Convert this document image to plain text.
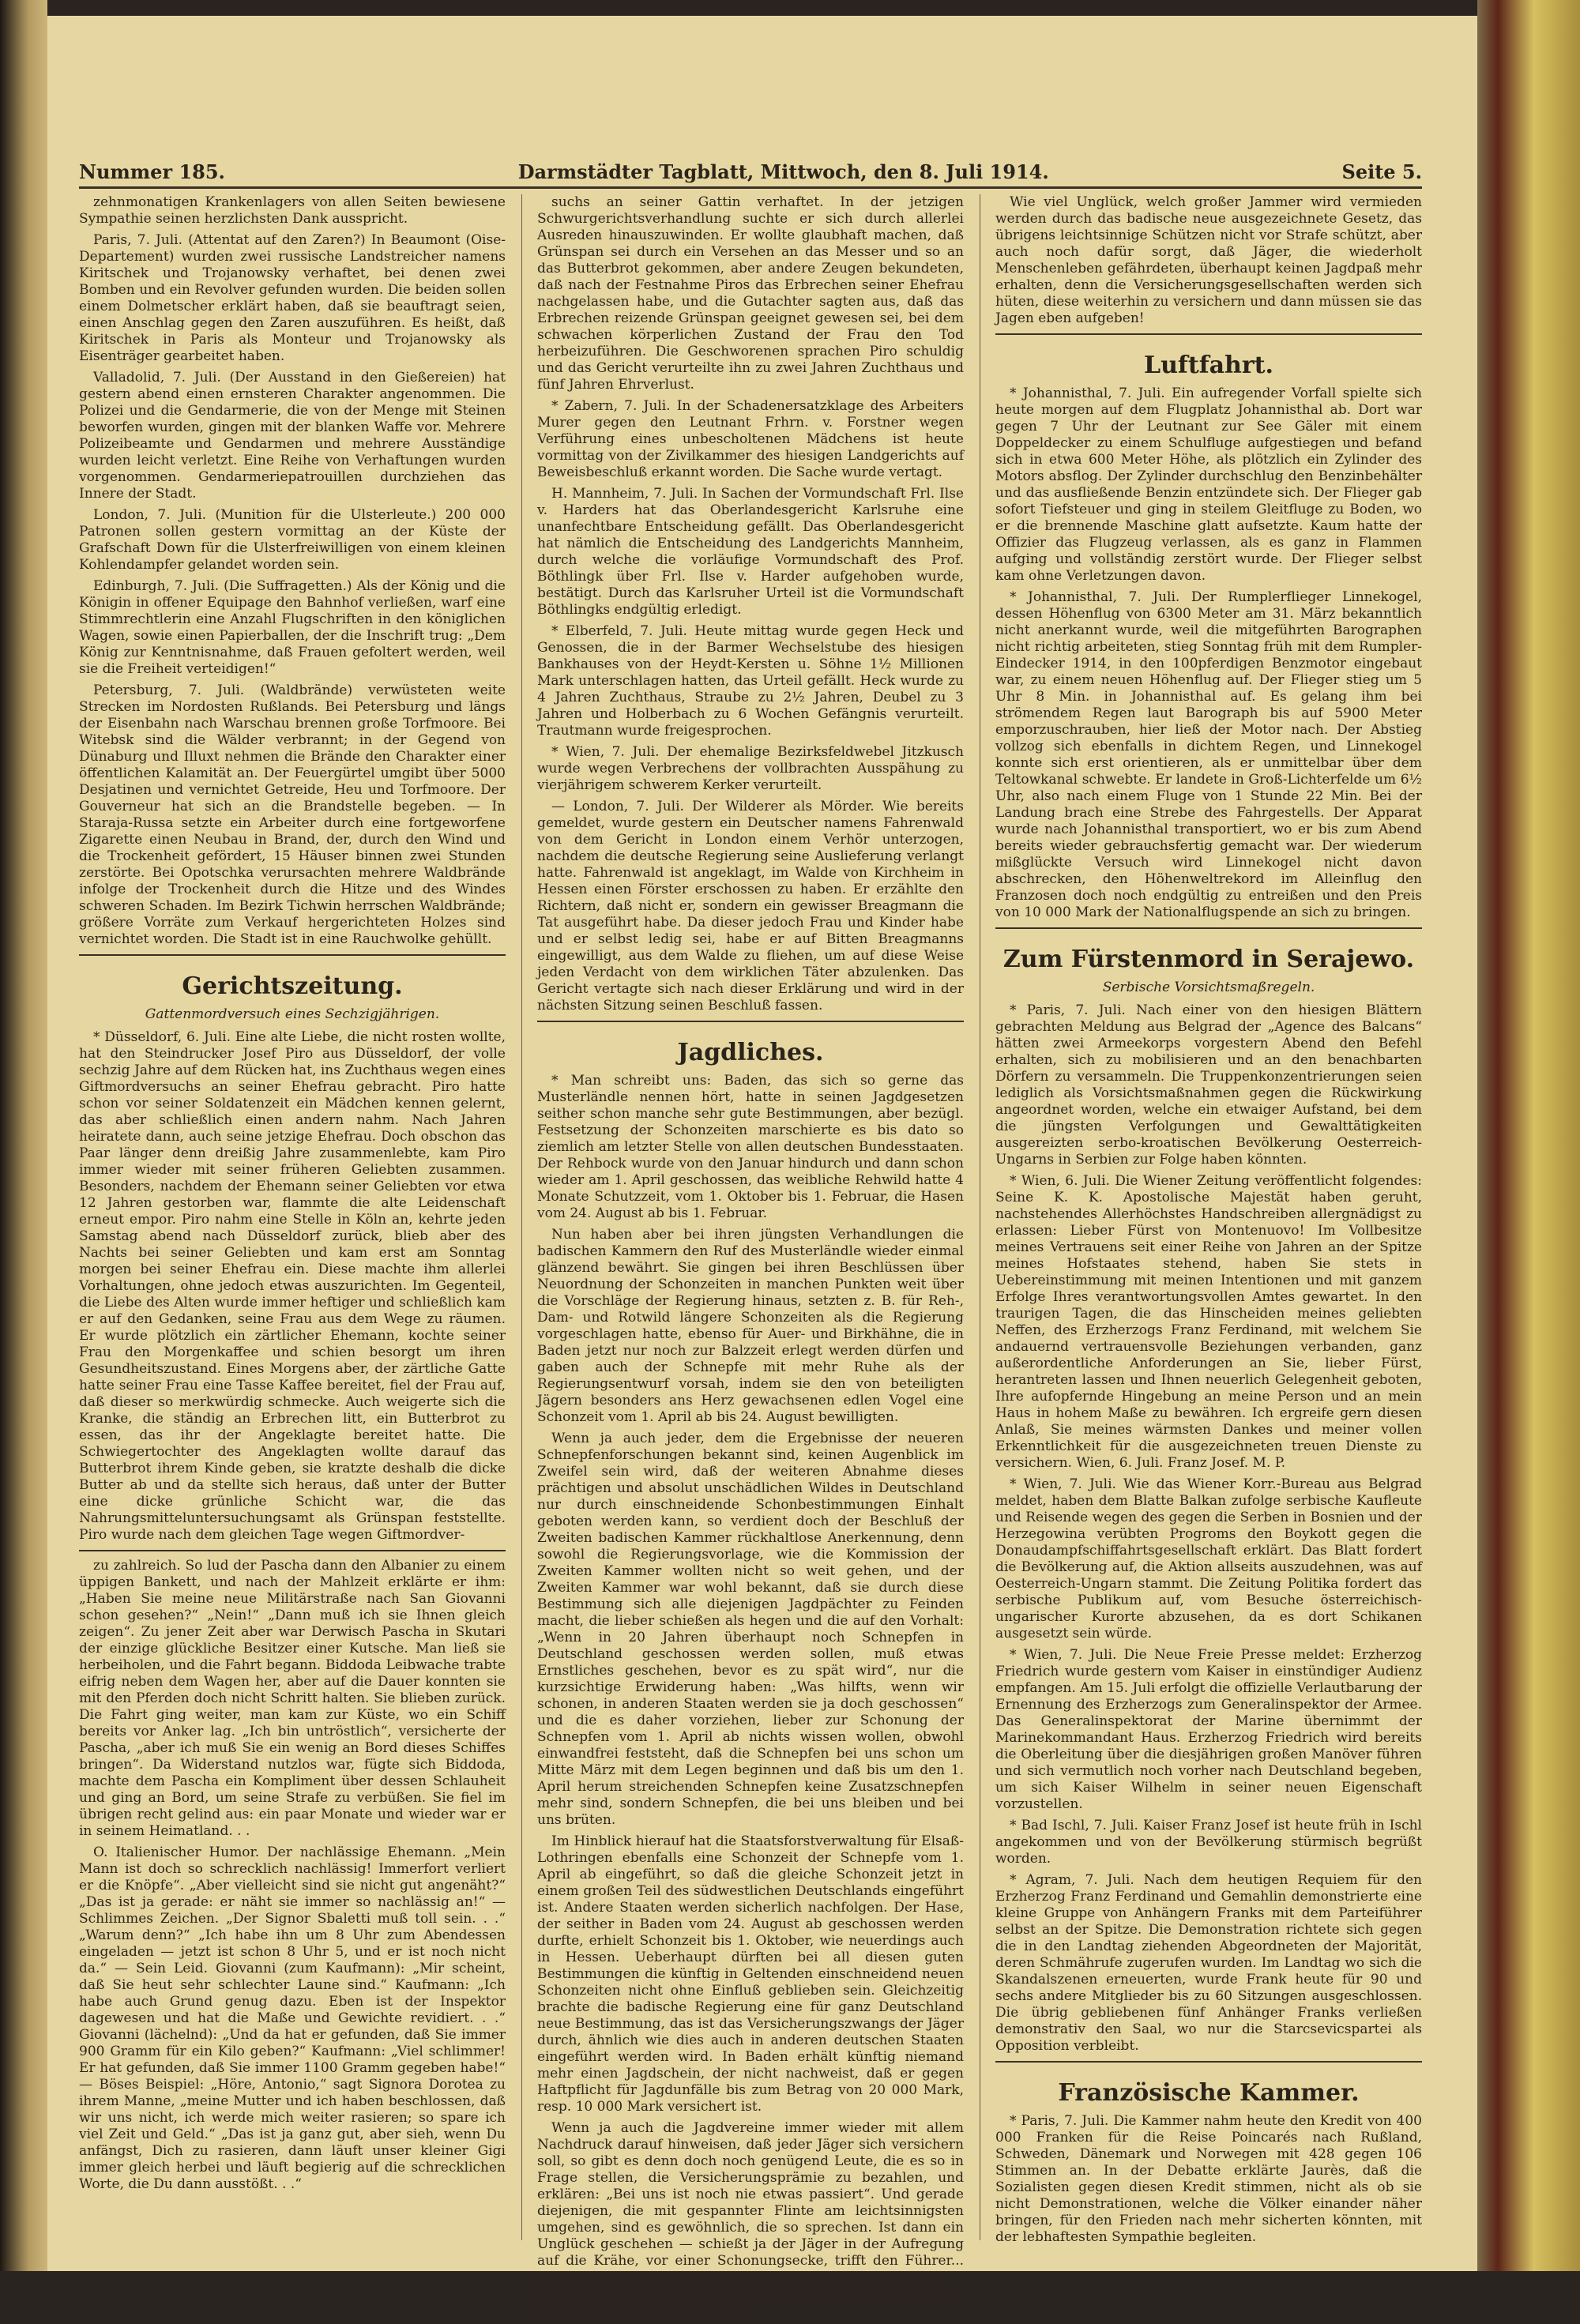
Nummer 185.	Darmstädter Tagblatt, Mittwoch, den 8. Juli 1914.	Seite 5.

zehnmonatigen Krankenlagers von allen Seiten bewiesene Sympathie seinen herzlichsten Dank ausspricht.

Paris, 7. Juli. (Attentat auf den Zaren?) In Beaumont (Oise-Departement) wurden zwei russische Landstreicher namens Kiritschek und Trojanowsky verhaftet, bei denen zwei Bomben und ein Revolver gefunden wurden. Die beiden sollen einem Dolmetscher erklärt haben, daß sie beauftragt seien, einen Anschlag gegen den Zaren auszuführen. Es heißt, daß Kiritschek in Paris als Monteur und Trojanowsky als Eisenträger gearbeitet haben.

Valladolid, 7. Juli. (Der Ausstand in den Gießereien) hat gestern abend einen ernsteren Charakter angenommen. Die Polizei und die Gendarmerie, die von der Menge mit Steinen beworfen wurden, gingen mit der blanken Waffe vor. Mehrere Polizeibeamte und Gendarmen und mehrere Ausständige wurden leicht verletzt. Eine Reihe von Verhaftungen wurden vorgenommen. Gendarmeriepatrouillen durchziehen das Innere der Stadt.

London, 7. Juli. (Munition für die Ulsterleute.) 200 000 Patronen sollen gestern vormittag an der Küste der Grafschaft Down für die Ulsterfreiwilligen von einem kleinen Kohlendampfer gelandet worden sein.

Edinburgh, 7. Juli. (Die Suffragetten.) Als der König und die Königin in offener Equipage den Bahnhof verließen, warf eine Stimmrechtlerin eine Anzahl Flugschriften in den königlichen Wagen, sowie einen Papierballen, der die Inschrift trug: „Dem König zur Kenntnisnahme, daß Frauen gefoltert werden, weil sie die Freiheit verteidigen!“

Petersburg, 7. Juli. (Waldbrände) verwüsteten weite Strecken im Nordosten Rußlands. Bei Petersburg und längs der Eisenbahn nach Warschau brennen große Torfmoore. Bei Witebsk sind die Wälder verbrannt; in der Gegend von Dünaburg und Illuxt nehmen die Brände den Charakter einer öffentlichen Kalamität an. Der Feuergürtel umgibt über 5000 Desjatinen und vernichtet Getreide, Heu und Torfmoore. Der Gouverneur hat sich an die Brandstelle begeben. — In Staraja-Russa setzte ein Arbeiter durch eine fortgeworfene Zigarette einen Neubau in Brand, der, durch den Wind und die Trockenheit gefördert, 15 Häuser binnen zwei Stunden zerstörte. Bei Opotschka verursachten mehrere Waldbrände infolge der Trockenheit durch die Hitze und des Windes schweren Schaden. Im Bezirk Tichwin herrschen Waldbrände; größere Vorräte zum Verkauf hergerichteten Holzes sind vernichtet worden. Die Stadt ist in eine Rauchwolke gehüllt.

Gerichtszeitung.
Gattenmordversuch eines Sechzigjährigen.

* Düsseldorf, 6. Juli. Eine alte Liebe, die nicht rosten wollte, hat den Steindrucker Josef Piro aus Düsseldorf, der volle sechzig Jahre auf dem Rücken hat, ins Zuchthaus wegen eines Giftmordversuchs an seiner Ehefrau gebracht. Piro hatte schon vor seiner Soldatenzeit ein Mädchen kennen gelernt, das aber schließlich einen andern nahm. Nach Jahren heiratete dann, auch seine jetzige Ehefrau. Doch obschon das Paar länger denn dreißig Jahre zusammenlebte, kam Piro immer wieder mit seiner früheren Geliebten zusammen. Besonders, nachdem der Ehemann seiner Geliebten vor etwa 12 Jahren gestorben war, flammte die alte Leidenschaft erneut empor. Piro nahm eine Stelle in Köln an, kehrte jeden Samstag abend nach Düsseldorf zurück, blieb aber des Nachts bei seiner Geliebten und kam erst am Sonntag morgen bei seiner Ehefrau ein. Diese machte ihm allerlei Vorhaltungen, ohne jedoch etwas auszurichten. Im Gegenteil, die Liebe des Alten wurde immer heftiger und schließlich kam er auf den Gedanken, seine Frau aus dem Wege zu räumen. Er wurde plötzlich ein zärtlicher Ehemann, kochte seiner Frau den Morgenkaffee und schien besorgt um ihren Gesundheitszustand. Eines Morgens aber, der zärtliche Gatte hatte seiner Frau eine Tasse Kaffee bereitet, fiel der Frau auf, daß dieser so merkwürdig schmecke. Auch weigerte sich die Kranke, die ständig an Erbrechen litt, ein Butterbrot zu essen, das ihr der Angeklagte bereitet hatte. Die Schwiegertochter des Angeklagten wollte darauf das Butterbrot ihrem Kinde geben, sie kratzte deshalb die dicke Butter ab und da stellte sich heraus, daß unter der Butter eine dicke grünliche Schicht war, die das Nahrungsmitteluntersuchungsamt als Grünspan feststellte. Piro wurde nach dem gleichen Tage wegen Giftmordver-

zu zahlreich. So lud der Pascha dann den Albanier zu einem üppigen Bankett, und nach der Mahlzeit erklärte er ihm: „Haben Sie meine neue Militärstraße nach San Giovanni schon gesehen?“ „Nein!“ „Dann muß ich sie Ihnen gleich zeigen“. Zu jener Zeit aber war Derwisch Pascha in Skutari der einzige glückliche Besitzer einer Kutsche. Man ließ sie herbeiholen, und die Fahrt begann. Biddoda Leibwache trabte eifrig neben dem Wagen her, aber auf die Dauer konnten sie mit den Pferden doch nicht Schritt halten. Sie blieben zurück. Die Fahrt ging weiter, man kam zur Küste, wo ein Schiff bereits vor Anker lag. „Ich bin untröstlich“, versicherte der Pascha, „aber ich muß Sie ein wenig an Bord dieses Schiffes bringen“. Da Widerstand nutzlos war, fügte sich Biddoda, machte dem Pascha ein Kompliment über dessen Schlauheit und ging an Bord, um seine Strafe zu verbüßen. Sie fiel im übrigen recht gelind aus: ein paar Monate und wieder war er in seinem Heimatland. . .

O. Italienischer Humor. Der nachlässige Ehemann. „Mein Mann ist doch so schrecklich nachlässig! Immerfort verliert er die Knöpfe“. „Aber vielleicht sind sie nicht gut angenäht?“ „Das ist ja gerade: er näht sie immer so nachlässig an!“ — Schlimmes Zeichen. „Der Signor Sbaletti muß toll sein. . .“ „Warum denn?“ „Ich habe ihn um 8 Uhr zum Abendessen eingeladen — jetzt ist schon 8 Uhr 5, und er ist noch nicht da.“ — Sein Leid. Giovanni (zum Kaufmann): „Mir scheint, daß Sie heut sehr schlechter Laune sind.“ Kaufmann: „Ich habe auch Grund genug dazu. Eben ist der Inspektor dagewesen und hat die Maße und Gewichte revidiert. . .“ Giovanni (lächelnd): „Und da hat er gefunden, daß Sie immer 900 Gramm für ein Kilo geben?“ Kaufmann: „Viel schlimmer! Er hat gefunden, daß Sie immer 1100 Gramm gegeben habe!“ — Böses Beispiel: „Höre, Antonio,“ sagt Signora Dorotea zu ihrem Manne, „meine Mutter und ich haben beschlossen, daß wir uns nicht, ich werde mich weiter rasieren; so spare ich viel Zeit und Geld.“ „Das ist ja ganz gut, aber sieh, wenn Du anfängst, Dich zu rasieren, dann läuft unser kleiner Gigi immer gleich herbei und läuft begierig auf die schrecklichen Worte, die Du dann ausstößt. . .“

suchs an seiner Gattin verhaftet. In der jetzigen Schwurgerichtsverhandlung suchte er sich durch allerlei Ausreden hinauszuwinden. Er wollte glaubhaft machen, daß Grünspan sei durch ein Versehen an das Messer und so an das Butterbrot gekommen, aber andere Zeugen bekundeten, daß nach der Festnahme Piros das Erbrechen seiner Ehefrau nachgelassen habe, und die Gutachter sagten aus, daß das Erbrechen reizende Grünspan geeignet gewesen sei, bei dem schwachen körperlichen Zustand der Frau den Tod herbeizuführen. Die Geschworenen sprachen Piro schuldig und das Gericht verurteilte ihn zu zwei Jahren Zuchthaus und fünf Jahren Ehrverlust.

* Zabern, 7. Juli. In der Schadenersatzklage des Arbeiters Murer gegen den Leutnant Frhrn. v. Forstner wegen Verführung eines unbescholtenen Mädchens ist heute vormittag von der Zivilkammer des hiesigen Landgerichts auf Beweisbeschluß erkannt worden. Die Sache wurde vertagt.

H. Mannheim, 7. Juli. In Sachen der Vormundschaft Frl. Ilse v. Harders hat das Oberlandesgericht Karlsruhe eine unanfechtbare Entscheidung gefällt. Das Oberlandesgericht hat nämlich die Entscheidung des Landgerichts Mannheim, durch welche die vorläufige Vormundschaft des Prof. Böthlingk über Frl. Ilse v. Harder aufgehoben wurde, bestätigt. Durch das Karlsruher Urteil ist die Vormundschaft Böthlingks endgültig erledigt.

* Elberfeld, 7. Juli. Heute mittag wurde gegen Heck und Genossen, die in der Barmer Wechselstube des hiesigen Bankhauses von der Heydt-Kersten u. Söhne 1½ Millionen Mark unterschlagen hatten, das Urteil gefällt. Heck wurde zu 4 Jahren Zuchthaus, Straube zu 2½ Jahren, Deubel zu 3 Jahren und Holberbach zu 6 Wochen Gefängnis verurteilt. Trautmann wurde freigesprochen.

* Wien, 7. Juli. Der ehemalige Bezirksfeldwebel Jitzkusch wurde wegen Verbrechens der vollbrachten Ausspähung zu vierjährigem schwerem Kerker verurteilt.

— London, 7. Juli. Der Wilderer als Mörder. Wie bereits gemeldet, wurde gestern ein Deutscher namens Fahrenwald von dem Gericht in London einem Verhör unterzogen, nachdem die deutsche Regierung seine Auslieferung verlangt hatte. Fahrenwald ist angeklagt, im Walde von Kirchheim in Hessen einen Förster erschossen zu haben. Er erzählte den Richtern, daß nicht er, sondern ein gewisser Breagmann die Tat ausgeführt habe. Da dieser jedoch Frau und Kinder habe und er selbst ledig sei, habe er auf Bitten Breagmanns eingewilligt, aus dem Walde zu fliehen, um auf diese Weise jeden Verdacht von dem wirklichen Täter abzulenken. Das Gericht vertagte sich nach dieser Erklärung und wird in der nächsten Sitzung seinen Beschluß fassen.

Jagdliches.

* Man schreibt uns: Baden, das sich so gerne das Musterländle nennen hört, hatte in seinen Jagdgesetzen seither schon manche sehr gute Bestimmungen, aber bezügl. Festsetzung der Schonzeiten marschierte es bis dato so ziemlich am letzter Stelle von allen deutschen Bundesstaaten. Der Rehbock wurde von den Januar hindurch und dann schon wieder am 1. April geschossen, das weibliche Rehwild hatte 4 Monate Schutzzeit, vom 1. Oktober bis 1. Februar, die Hasen vom 24. August ab bis 1. Februar.

Nun haben aber bei ihren jüngsten Verhandlungen die badischen Kammern den Ruf des Musterländle wieder einmal glänzend bewährt. Sie gingen bei ihren Beschlüssen über Neuordnung der Schonzeiten in manchen Punkten weit über die Vorschläge der Regierung hinaus, setzten z. B. für Reh-, Dam- und Rotwild längere Schonzeiten als die Regierung vorgeschlagen hatte, ebenso für Auer- und Birkhähne, die in Baden jetzt nur noch zur Balzzeit erlegt werden dürfen und gaben auch der Schnepfe mit mehr Ruhe als der Regierungsentwurf vorsah, indem sie den von beteiligten Jägern besonders ans Herz gewachsenen edlen Vogel eine Schonzeit vom 1. April ab bis 24. August bewilligten.

Wenn ja auch jeder, dem die Ergebnisse der neueren Schnepfenforschungen bekannt sind, keinen Augenblick im Zweifel sein wird, daß der weiteren Abnahme dieses prächtigen und absolut unschädlichen Wildes in Deutschland nur durch einschneidende Schonbestimmungen Einhalt geboten werden kann, so verdient doch der Beschluß der Zweiten badischen Kammer rückhaltlose Anerkennung, denn sowohl die Regierungsvorlage, wie die Kommission der Zweiten Kammer wollten nicht so weit gehen, und der Zweiten Kammer war wohl bekannt, daß sie durch diese Bestimmung sich alle diejenigen Jagdpächter zu Feinden macht, die lieber schießen als hegen und die auf den Vorhalt: „Wenn in 20 Jahren überhaupt noch Schnepfen in Deutschland geschossen werden sollen, muß etwas Ernstliches geschehen, bevor es zu spät wird“, nur die kurzsichtige Erwiderung haben: „Was hilfts, wenn wir schonen, in anderen Staaten werden sie ja doch geschossen“ und die es daher vorziehen, lieber zur Schonung der Schnepfen vom 1. April ab nichts wissen wollen, obwohl einwandfrei feststeht, daß die Schnepfen bei uns schon um Mitte März mit dem Legen beginnen und daß bis um den 1. April herum streichenden Schnepfen keine Zusatzschnepfen mehr sind, sondern Schnepfen, die bei uns bleiben und bei uns brüten.

Im Hinblick hierauf hat die Staatsforstverwaltung für Elsaß-Lothringen ebenfalls eine Schonzeit der Schnepfe vom 1. April ab eingeführt, so daß die gleiche Schonzeit jetzt in einem großen Teil des südwestlichen Deutschlands eingeführt ist. Andere Staaten werden sicherlich nachfolgen. Der Hase, der seither in Baden vom 24. August ab geschossen werden durfte, erhielt Schonzeit bis 1. Oktober, wie neuerdings auch in Hessen. Ueberhaupt dürften bei all diesen guten Bestimmungen die künftig in Geltenden einschneidend neuen Schonzeiten nicht ohne Einfluß geblieben sein. Gleichzeitig brachte die badische Regierung eine für ganz Deutschland neue Bestimmung, das ist das Versicherungszwangs der Jäger durch, ähnlich wie dies auch in anderen deutschen Staaten eingeführt werden wird. In Baden erhält künftig niemand mehr einen Jagdschein, der nicht nachweist, daß er gegen Haftpflicht für Jagdunfälle bis zum Betrag von 20 000 Mark, resp. 10 000 Mark versichert ist.

Wenn ja auch die Jagdvereine immer wieder mit allem Nachdruck darauf hinweisen, daß jeder Jäger sich versichern soll, so gibt es denn doch noch genügend Leute, die es so in Frage stellen, die Versicherungsprämie zu bezahlen, und erklären: „Bei uns ist noch nie etwas passiert“. Und gerade diejenigen, die mit gespannter Flinte am leichtsinnigsten umgehen, sind es gewöhnlich, die so sprechen. Ist dann ein Unglück geschehen — schießt ja der Jäger in der Aufregung auf die Krähe, vor einer Schonungsecke, trifft den Führer... rechtlich. Der Geschädigte ist dann meistens kein Krüppel — dann heißt es vor Gericht: „Ja bezahlen kann der nichts, der ist angestellt hat, der hat nichts“.

Wie viel Unglück, welch großer Jammer wird vermieden werden durch das badische neue ausgezeichnete Gesetz, das übrigens leichtsinnige Schützen nicht vor Strafe schützt, aber auch noch dafür sorgt, daß Jäger, die wiederholt Menschenleben gefährdeten, überhaupt keinen Jagdpaß mehr erhalten, denn die Versicherungsgesellschaften werden sich hüten, diese weiterhin zu versichern und dann müssen sie das Jagen eben aufgeben!

Luftfahrt.

* Johannisthal, 7. Juli. Ein aufregender Vorfall spielte sich heute morgen auf dem Flugplatz Johannisthal ab. Dort war gegen 7 Uhr der Leutnant zur See Gäler mit einem Doppeldecker zu einem Schulfluge aufgestiegen und befand sich in etwa 600 Meter Höhe, als plötzlich ein Zylinder des Motors absflog. Der Zylinder durchschlug den Benzinbehälter und das ausfließende Benzin entzündete sich. Der Flieger gab sofort Tiefsteuer und ging in steilem Gleitfluge zu Boden, wo er die brennende Maschine glatt aufsetzte. Kaum hatte der Offizier das Flugzeug verlassen, als es ganz in Flammen aufging und vollständig zerstört wurde. Der Flieger selbst kam ohne Verletzungen davon.

* Johannisthal, 7. Juli. Der Rumplerflieger Linnekogel, dessen Höhenflug von 6300 Meter am 31. März bekanntlich nicht anerkannt wurde, weil die mitgeführten Barographen nicht richtig arbeiteten, stieg Sonntag früh mit dem Rumpler-Eindecker 1914, in den 100pferdigen Benzmotor eingebaut war, zu einem neuen Höhenflug auf. Der Flieger stieg um 5 Uhr 8 Min. in Johannisthal auf. Es gelang ihm bei strömendem Regen laut Barograph bis auf 5900 Meter emporzuschrauben, hier ließ der Motor nach. Der Abstieg vollzog sich ebenfalls in dichtem Regen, und Linnekogel konnte sich erst orientieren, als er unmittelbar über dem Teltowkanal schwebte. Er landete in Groß-Lichterfelde um 6½ Uhr, also nach einem Fluge von 1 Stunde 22 Min. Bei der Landung brach eine Strebe des Fahrgestells. Der Apparat wurde nach Johannisthal transportiert, wo er bis zum Abend bereits wieder gebrauchsfertig gemacht war. Der wiederum mißglückte Versuch wird Linnekogel nicht davon abschrecken, den Höhenweltrekord im Alleinflug den Franzosen doch noch endgültig zu entreißen und den Preis von 10 000 Mark der Nationalflugspende an sich zu bringen.

Zum Fürstenmord in Serajewo.
Serbische Vorsichtsmaßregeln.

* Paris, 7. Juli. Nach einer von den hiesigen Blättern gebrachten Meldung aus Belgrad der „Agence des Balcans“ hätten zwei Armeekorps vorgestern Abend den Befehl erhalten, sich zu mobilisieren und an den benachbarten Dörfern zu versammeln. Die Truppenkonzentrierungen seien lediglich als Vorsichtsmaßnahmen gegen die Rückwirkung angeordnet worden, welche ein etwaiger Aufstand, bei dem die jüngsten Verfolgungen und Gewalttätigkeiten ausgereizten serbo-kroatischen Bevölkerung Oesterreich-Ungarns in Serbien zur Folge haben könnten.

* Wien, 6. Juli. Die Wiener Zeitung veröffentlicht folgendes: Seine K. K. Apostolische Majestät haben geruht, nachstehendes Allerhöchstes Handschreiben allergnädigst zu erlassen: Lieber Fürst von Montenuovo! Im Vollbesitze meines Vertrauens seit einer Reihe von Jahren an der Spitze meines Hofstaates stehend, haben Sie stets in Uebereinstimmung mit meinen Intentionen und mit ganzem Erfolge Ihres verantwortungsvollen Amtes gewartet. In den traurigen Tagen, die das Hinscheiden meines geliebten Neffen, des Erzherzogs Franz Ferdinand, mit welchem Sie andauernd vertrauensvolle Beziehungen verbanden, ganz außerordentliche Anforderungen an Sie, lieber Fürst, herantreten lassen und Ihnen neuerlich Gelegenheit geboten, Ihre aufopfernde Hingebung an meine Person und an mein Haus in hohem Maße zu bewähren. Ich ergreife gern diesen Anlaß, Sie meines wärmsten Dankes und meiner vollen Erkenntlichkeit für die ausgezeichneten treuen Dienste zu versichern. Wien, 6. Juli. Franz Josef. M. P.

* Wien, 7. Juli. Wie das Wiener Korr.-Bureau aus Belgrad meldet, haben dem Blatte Balkan zufolge serbische Kaufleute und Reisende wegen des gegen die Serben in Bosnien und der Herzegowina verübten Progroms den Boykott gegen die Donaudampfschiffahrtsgesellschaft erklärt. Das Blatt fordert die Bevölkerung auf, die Aktion allseits auszudehnen, was auf Oesterreich-Ungarn stammt. Die Zeitung Politika fordert das serbische Publikum auf, vom Besuche österreichisch-ungarischer Kurorte abzusehen, da es dort Schikanen ausgesetzt sein würde.

* Wien, 7. Juli. Die Neue Freie Presse meldet: Erzherzog Friedrich wurde gestern vom Kaiser in einstündiger Audienz empfangen. Am 15. Juli erfolgt die offizielle Verlautbarung der Ernennung des Erzherzogs zum Generalinspektor der Armee. Das Generalinspektorat der Marine übernimmt der Marinekommandant Haus. Erzherzog Friedrich wird bereits die Oberleitung über die diesjährigen großen Manöver führen und sich vermutlich noch vorher nach Deutschland begeben, um sich Kaiser Wilhelm in seiner neuen Eigenschaft vorzustellen.

* Bad Ischl, 7. Juli. Kaiser Franz Josef ist heute früh in Ischl angekommen und von der Bevölkerung stürmisch begrüßt worden.

* Agram, 7. Juli. Nach dem heutigen Requiem für den Erzherzog Franz Ferdinand und Gemahlin demonstrierte eine kleine Gruppe von Anhängern Franks mit dem Parteiführer selbst an der Spitze. Die Demonstration richtete sich gegen die in den Landtag ziehenden Abgeordneten der Majorität, deren Schmährufe zugerufen wurden. Im Landtag wo sich die Skandalszenen erneuerten, wurde Frank heute für 90 und sechs andere Mitglieder bis zu 60 Sitzungen ausgeschlossen. Die übrig gebliebenen fünf Anhänger Franks verließen demonstrativ den Saal, wo nur die Starcsevicspartei als Opposition verbleibt.

Französische Kammer.

* Paris, 7. Juli. Die Kammer nahm heute den Kredit von 400 000 Franken für die Reise Poincarés nach Rußland, Schweden, Dänemark und Norwegen mit 428 gegen 106 Stimmen an. In der Debatte erklärte Jaurès, daß die Sozialisten gegen diesen Kredit stimmen, nicht als ob sie nicht Demonstrationen, welche die Völker einander näher bringen, für den Frieden nach mehr sicherten könnten, mit der lebhaftesten Sympathie begleiten.
